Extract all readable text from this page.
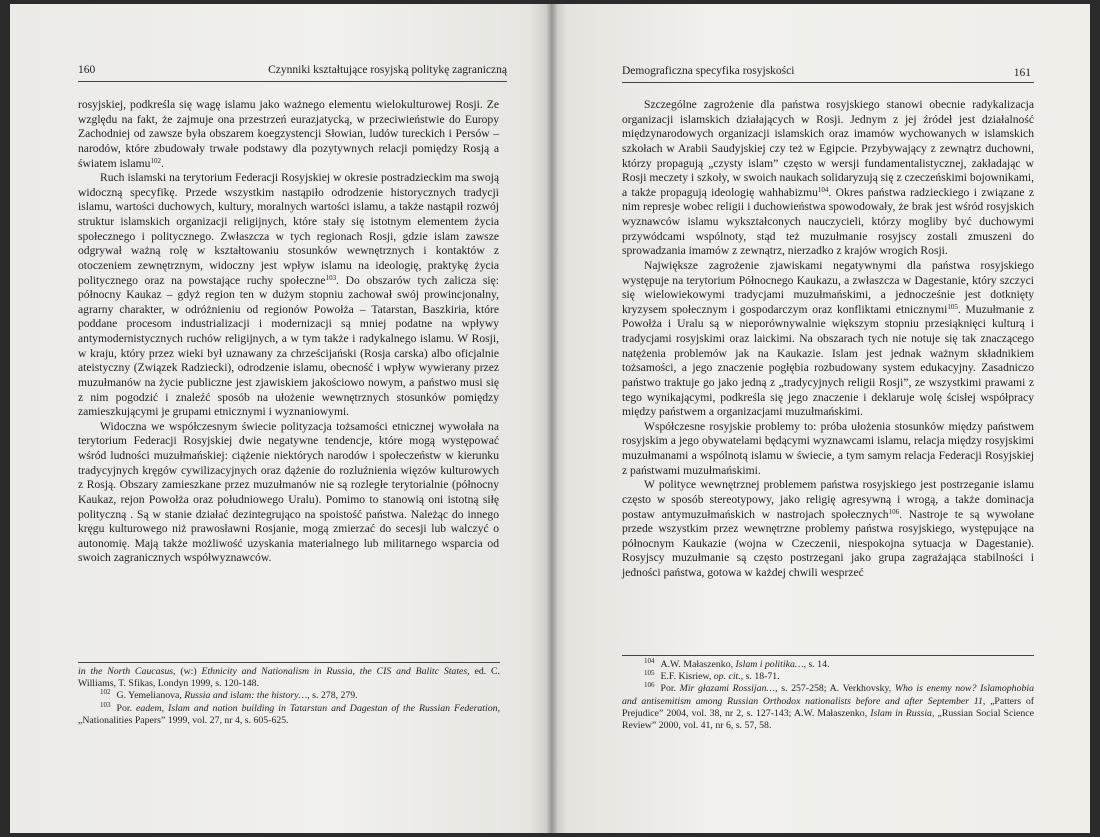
160	Czynniki kształtujące rosyjską politykę zagraniczną

rosyjskiej, podkreśla się wagę islamu jako ważnego elementu wielokulturowej Rosji. Ze względu na fakt, że zajmuje ona przestrzeń eurazjatycką, w przeciwieństwie do Europy Zachodniej od zawsze była obszarem koegzystencji Słowian, ludów tureckich i Persów – narodów, które zbudowały trwałe podstawy dla pozytywnych relacji pomiędzy Rosją a światem islamu$^{102}$.

Ruch islamski na terytorium Federacji Rosyjskiej w okresie postradzieckim ma swoją widoczną specyfikę. Przede wszystkim nastąpiło odrodzenie historycznych tradycji islamu, wartości duchowych, kultury, moralnych wartości islamu, a także nastąpił rozwój struktur islamskich organizacji religijnych, które stały się istotnym elementem życia społecznego i politycznego. Zwłaszcza w tych regionach Rosji, gdzie islam zawsze odgrywał ważną rolę w kształtowaniu stosunków wewnętrznych i kontaktów z otoczeniem zewnętrznym, widoczny jest wpływ islamu na ideologię, praktykę życia politycznego oraz na powstające ruchy społeczne$^{103}$. Do obszarów tych zalicza się: północny Kaukaz – gdyż region ten w dużym stopniu zachował swój prowincjonalny, agrarny charakter, w odróżnieniu od regionów Powołża – Tatarstan, Baszkiria, które poddane procesom industrializacji i modernizacji są mniej podatne na wpływy antymodernistycznych ruchów religijnych, a w tym także i radykalnego islamu. W Rosji, w kraju, który przez wieki był uznawany za chrześcijański (Rosja carska) albo oficjalnie ateistyczny (Związek Radziecki), odrodzenie islamu, obecność i wpływ wywierany przez muzułmanów na życie publiczne jest zjawiskiem jakościowo nowym, a państwo musi się z nim pogodzić i znaleźć sposób na ułożenie wewnętrznych stosunków pomiędzy zamieszkującymi je grupami etnicznymi i wyznaniowymi.

Widoczna we współczesnym świecie polityzacja tożsamości etnicznej wywołała na terytorium Federacji Rosyjskiej dwie negatywne tendencje, które mogą występować wśród ludności muzułmańskiej: ciążenie niektórych narodów i społeczeństw w kierunku tradycyjnych kręgów cywilizacyjnych oraz dążenie do rozluźnienia więzów kulturowych z Rosją. Obszary zamieszkane przez muzułmanów nie są rozległe terytorialnie (północny Kaukaz, rejon Powołża oraz południowego Uralu). Pomimo to stanowią oni istotną siłę polityczną . Są w stanie działać dezintegrująco na spoistość państwa. Należąc do innego kręgu kulturowego niż prawosławni Rosjanie, mogą zmierzać do secesji lub walczyć o autonomię. Mają także możliwość uzyskania materialnego lub militarnego wsparcia od swoich zagranicznych współwyznawców.

in the North Caucasus, (w:) Ethnicity and Nationalism in Russia, the CIS and Balitc States, ed. C. Williams, T. Sfikas, Londyn 1999, s. 120-148.

$^{102}$ G. Yemelianova, Russia and islam: the history…, s. 278, 279.

$^{103}$ Por. eadem, Islam and nation building in Tatarstan and Dagestan of the Russian Federation, „Nationalities Papers” 1999, vol. 27, nr 4, s. 605-625.

Demograficzna specyfika rosyjskości	161

Szczególne zagrożenie dla państwa rosyjskiego stanowi obecnie radykalizacja organizacji islamskich działających w Rosji. Jednym z jej źródeł jest działalność międzynarodowych organizacji islamskich oraz imamów wychowanych w islamskich szkołach w Arabii Saudyjskiej czy też w Egipcie. Przybywający z zewnątrz duchowni, którzy propagują „czysty islam” często w wersji fundamentalistycznej, zakładając w Rosji meczety i szkoły, w swoich naukach solidaryzują się z czeczeńskimi bojownikami, a także propagują ideologię wahhabizmu$^{104}$. Okres państwa radzieckiego i związane z nim represje wobec religii i duchowieństwa spowodowały, że brak jest wśród rosyjskich wyznawców islamu wykształconych nauczycieli, którzy mogliby być duchowymi przywódcami wspólnoty, stąd też muzułmanie rosyjscy zostali zmuszeni do sprowadzania imamów z zewnątrz, nierzadko z krajów wrogich Rosji.

Największe zagrożenie zjawiskami negatywnymi dla państwa rosyjskiego występuje na terytorium Północnego Kaukazu, a zwłaszcza w Dagestanie, który szczyci się wielowiekowymi tradycjami muzułmańskimi, a jednocześnie jest dotknięty kryzysem społecznym i gospodarczym oraz konfliktami etnicznymi$^{105}$. Muzułmanie z Powołża i Uralu są w nieporównywalnie większym stopniu przesiąknięci kulturą i tradycjami rosyjskimi oraz laickimi. Na obszarach tych nie notuje się tak znaczącego natężenia problemów jak na Kaukazie. Islam jest jednak ważnym składnikiem tożsamości, a jego znaczenie pogłębia rozbudowany system edukacyjny. Zasadniczo państwo traktuje go jako jedną z „tradycyjnych religii Rosji”, ze wszystkimi prawami z tego wynikającymi, podkreśla się jego znaczenie i deklaruje wolę ścisłej współpracy między państwem a organizacjami muzułmańskimi.

Współczesne rosyjskie problemy to: próba ułożenia stosunków między państwem rosyjskim a jego obywatelami będącymi wyznawcami islamu, relacja między rosyjskimi muzułmanami a wspólnotą islamu w świecie, a tym samym relacja Federacji Rosyjskiej z państwami muzułmańskimi.

W polityce wewnętrznej problemem państwa rosyjskiego jest postrzeganie islamu często w sposób stereotypowy, jako religię agresywną i wrogą, a także dominacja postaw antymuzułmańskich w nastrojach społecznych$^{106}$. Nastroje te są wywołane przede wszystkim przez wewnętrzne problemy państwa rosyjskiego, występujące na północnym Kaukazie (wojna w Czeczenii, niespokojna sytuacja w Dagestanie). Rosyjscy muzułmanie są często postrzegani jako grupa zagrażająca stabilności i jedności państwa, gotowa w każdej chwili wesprzeć

$^{104}$ A.W. Małaszenko, Islam i politika…, s. 14.

$^{105}$ E.F. Kisriew, op. cit., s. 18-71.

$^{106}$ Por. Mir głazami Rossijan…, s. 257-258; A. Verkhovsky, Who is enemy now? Islamophobia and antisemitism among Russian Orthodox nationalists before and after September 11, „Patters of Prejudice” 2004, vol. 38, nr 2, s. 127-143; A.W. Małaszenko, Islam in Russia, „Russian Social Science Review” 2000, vol. 41, nr 6, s. 57, 58.
